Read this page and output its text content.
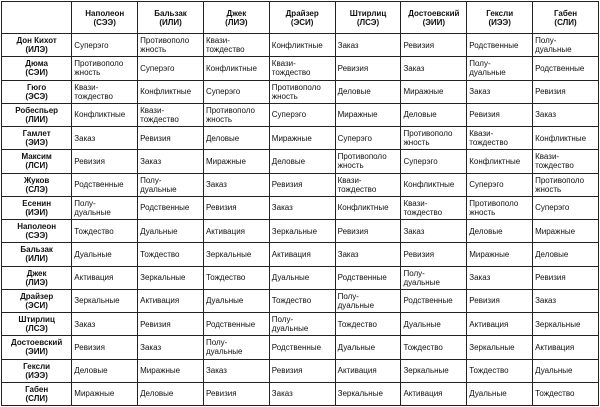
	Наполеон
(СЭЭ)	Бальзак
(ИЛИ)	Джек
(ЛИЭ)	Драйзер
(ЭСИ)	Штирлиц
(ЛСЭ)	Достоевский
(ЭИИ)	Гексли
(ИЭЭ)	Габен
(СЛИ)
Дон Кихот
(ИЛЭ)	Суперэго	Противополо
жность	Квази-
тождество	Конфликтные	Заказ	Ревизия	Родственные	Полу-
дуальные
Дюма
(СЭИ)	Противополо
жность	Суперэго	Конфликтные	Квази-
тождество	Ревизия	Заказ	Полу-
дуальные	Родственные
Гюго
(ЭСЭ)	Квази-
тождество	Конфликтные	Суперэго	Противополо
жность	Деловые	Миражные	Заказ	Ревизия
Робеспьер
(ЛИИ)	Конфликтные	Квази-
тождество	Противополо
жность	Суперэго	Миражные	Деловые	Ревизия	Заказ
Гамлет
(ЭИЭ)	Заказ	Ревизия	Деловые	Миражные	Суперэго	Противополо
жность	Квази-
тождество	Конфликтные
Максим
(ЛСИ)	Ревизия	Заказ	Миражные	Деловые	Противополо
жность	Суперэго	Конфликтные	Квази-
тождество
Жуков
(СЛЭ)	Родственные	Полу-
дуальные	Заказ	Ревизия	Квази-
тождество	Конфликтные	Суперэго	Противополо
жность
Есенин
(ИЭИ)	Полу-
дуальные	Родственные	Ревизия	Заказ	Конфликтные	Квази-
тождество	Противополо
жность	Суперэго
Наполеон
(СЭЭ)	Тождество	Дуальные	Активация	Зеркальные	Ревизия	Заказ	Деловые	Миражные
Бальзак
(ИЛИ)	Дуальные	Тождество	Зеркальные	Активация	Заказ	Ревизия	Миражные	Деловые
Джек
(ЛИЭ)	Активация	Зеркальные	Тождество	Дуальные	Родственные	Полу-
дуальные	Заказ	Ревизия
Драйзер
(ЭСИ)	Зеркальные	Активация	Дуальные	Тождество	Полу-
дуальные	Родственные	Ревизия	Заказ
Штирлиц
(ЛСЭ)	Заказ	Ревизия	Родственные	Полу-
дуальные	Тождество	Дуальные	Активация	Зеркальные
Достоевский
(ЭИИ)	Ревизия	Заказ	Полу-
дуальные	Родственные	Дуальные	Тождество	Зеркальные	Активация
Гексли
(ИЭЭ)	Деловые	Миражные	Заказ	Ревизия	Активация	Зеркальные	Тождество	Дуальные
Габен
(СЛИ)	Миражные	Деловые	Ревизия	Заказ	Зеркальные	Активация	Дуальные	Тождество
